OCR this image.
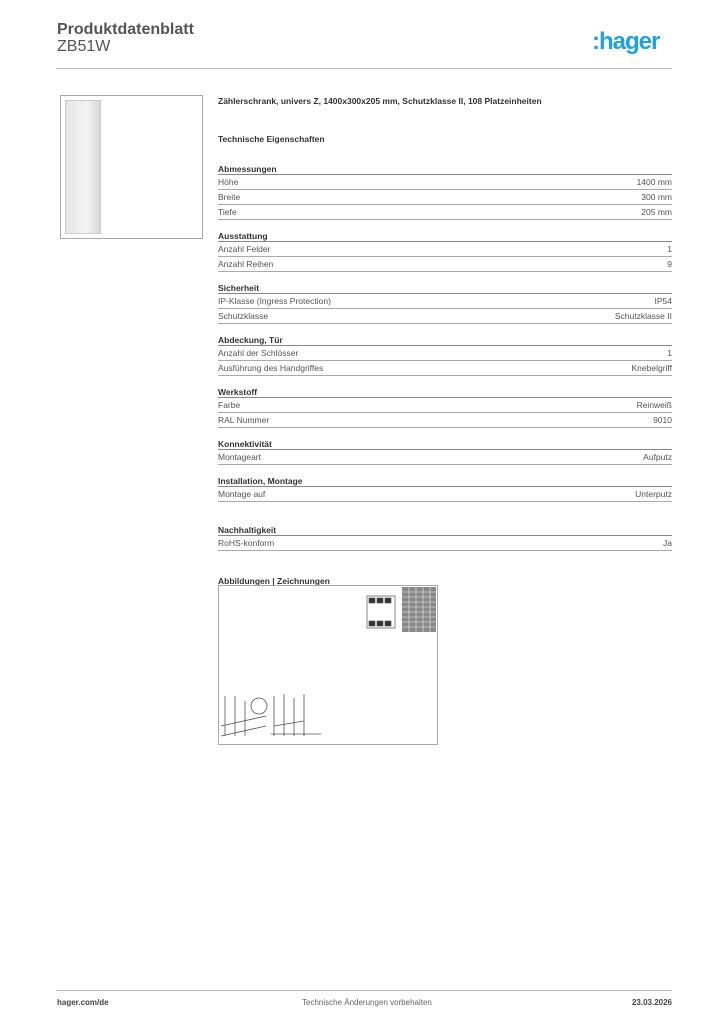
Produktdatenblatt
ZB51W	:hager
Zählerschrank, univers Z, 1400x300x205 mm, Schutzklasse II, 108 Platzeinheiten
Technische Eigenschaften
Abmessungen
Höhe	1400 mm
Breite	300 mm
Tiefe	205 mm
Ausstattung
Anzahl Felder	1
Anzahl Reihen	9
Sicherheit
IP-Klasse (Ingress Protection)	IP54
Schutzklasse	Schutzklasse II
Abdeckung, Tür
Anzahl der Schlösser	1
Ausführung des Handgriffes	Knebelgriff
Werkstoff
Farbe	Reinweiß
RAL Nummer	9010
Konnektivität
Montageart	Aufputz
Installation, Montage
Montage auf	Unterputz
Nachhaltigkeit
RoHS-konform	Ja
Abbildungen | Zeichnungen
hager.com/de	Technische Änderungen vorbehalten	23.03.2026
